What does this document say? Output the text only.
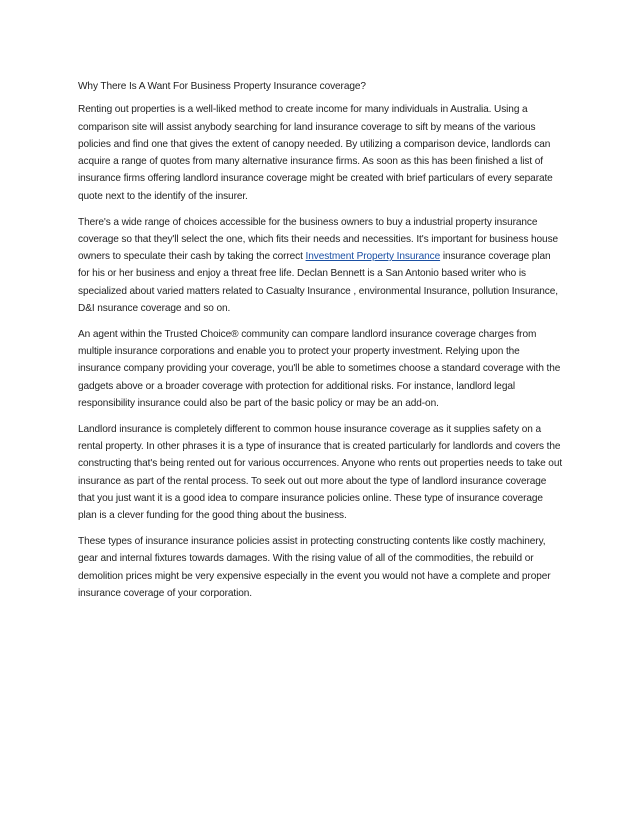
Why There Is A Want For Business Property Insurance coverage?

Renting out properties is a well-liked method to create income for many individuals in Australia. Using a comparison site will assist anybody searching for land insurance coverage to sift by means of the various policies and find one that gives the extent of canopy needed. By utilizing a comparison device, landlords can acquire a range of quotes from many alternative insurance firms. As soon as this has been finished a list of insurance firms offering landlord insurance coverage might be created with brief particulars of every separate quote next to the identify of the insurer.

There's a wide range of choices accessible for the business owners to buy a industrial property insurance coverage so that they'll select the one, which fits their needs and necessities. It's important for business house owners to speculate their cash by taking the correct Investment Property Insurance insurance coverage plan for his or her business and enjoy a threat free life. Declan Bennett is a San Antonio based writer who is specialized about varied matters related to Casualty Insurance , environmental Insurance, pollution Insurance, D&I nsurance coverage and so on.

An agent within the Trusted Choice® community can compare landlord insurance coverage charges from multiple insurance corporations and enable you to protect your property investment. Relying upon the insurance company providing your coverage, you'll be able to sometimes choose a standard coverage with the gadgets above or a broader coverage with protection for additional risks. For instance, landlord legal responsibility insurance could also be part of the basic policy or may be an add-on.

Landlord insurance is completely different to common house insurance coverage as it supplies safety on a rental property. In other phrases it is a type of insurance that is created particularly for landlords and covers the constructing that's being rented out for various occurrences. Anyone who rents out properties needs to take out insurance as part of the rental process. To seek out out more about the type of landlord insurance coverage that you just want it is a good idea to compare insurance policies online. These type of insurance coverage plan is a clever funding for the good thing about the business.

These types of insurance insurance policies assist in protecting constructing contents like costly machinery, gear and internal fixtures towards damages. With the rising value of all of the commodities, the rebuild or demolition prices might be very expensive especially in the event you would not have a complete and proper insurance coverage of your corporation.
